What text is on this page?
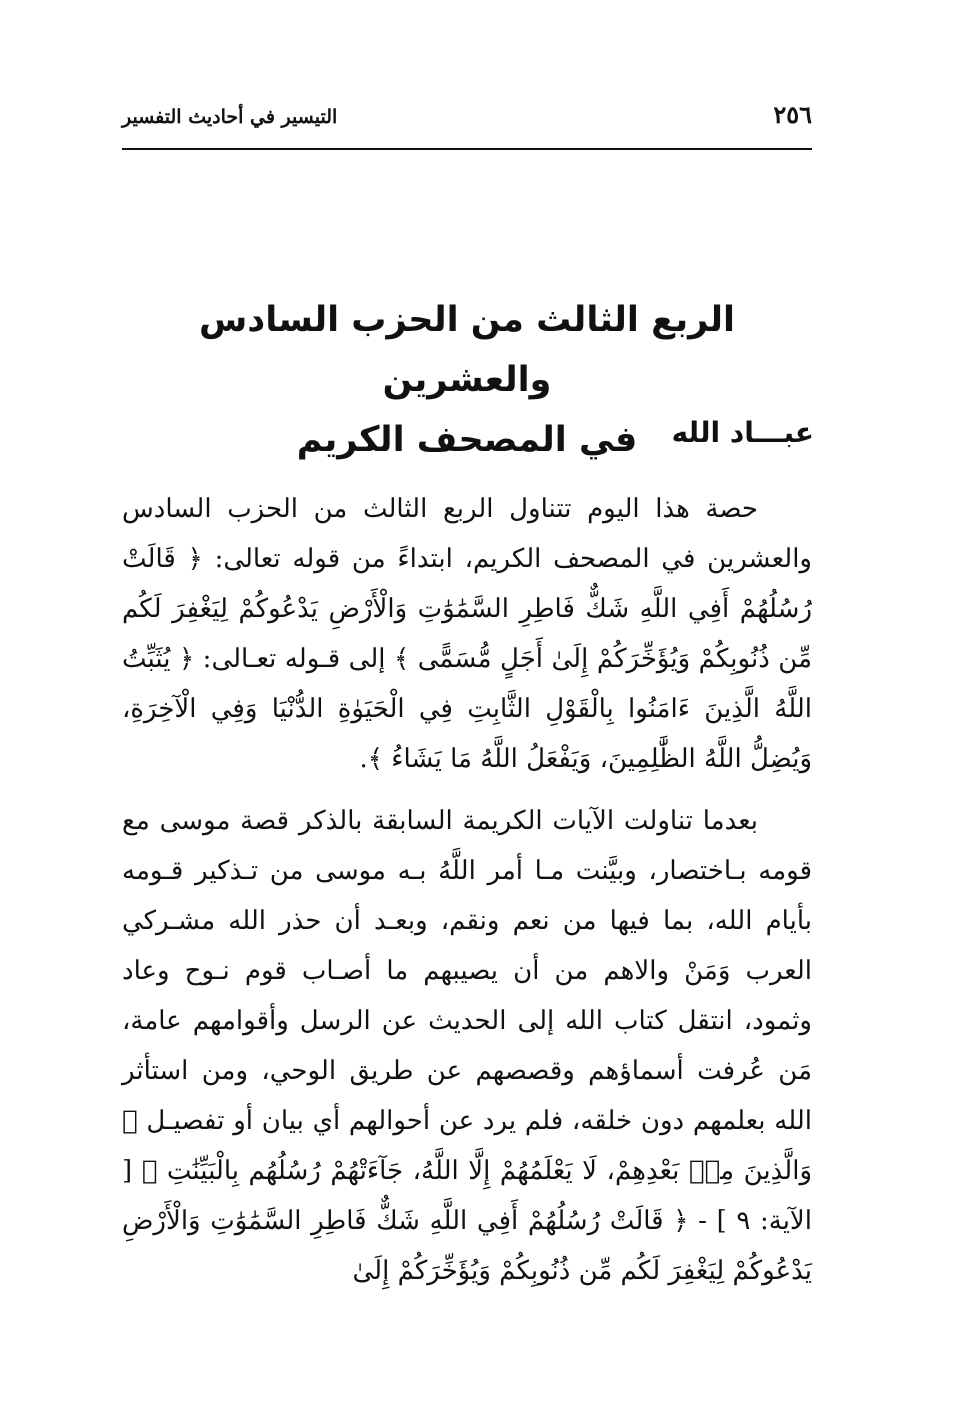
٢٥٦
التيسير في أحاديث التفسير
الربع الثالث من الحزب السادس والعشرين
في المصحف الكريم	عبـــاد الله
حصة هذا اليوم تتناول الربع الثالث من الحزب السادس والعشرين في المصحف الكريم، ابتداءً من قوله تعالى: ﴿ قَالَتْ رُسُلُهُمْ أَفِي اللَّهِ شَكٌّ فَاطِرِ السَّمَٰوَٰتِ وَالْأَرْضِ يَدْعُوكُمْ لِيَغْفِرَ لَكُم مِّن ذُنُوبِكُمْ وَيُؤَخِّرَكُمْ إِلَىٰ أَجَلٍ مُّسَمًّى ﴾ إلى قـوله تعـالى: ﴿ يُثَبِّتُ اللَّهُ الَّذِينَ ءَامَنُوا بِالْقَوْلِ الثَّابِتِ فِي الْحَيَوٰةِ الدُّنْيَا وَفِي الْآخِرَةِ، وَيُضِلُّ اللَّهُ الظَّٰلِمِينَ، وَيَفْعَلُ اللَّهُ مَا يَشَاءُ ﴾.
بعدما تناولت الآيات الكريمة السابقة بالذكر قصة موسى مع قومه بـاختصار، وبيَّنت مـا أمر اللَّهُ بـه موسى من تـذكير قـومه بأيام الله، بما فيها من نعم ونقم، وبعـد أن حذر الله مشـركي العرب وَمَنْ والاهم من أن يصيبهم ما أصـاب قوم نـوح وعاد وثمود، انتقل كتاب الله إلى الحديث عن الرسل وأقوامهم عامة، مَن عُرفت أسماؤهم وقصصهم عن طريق الوحي، ومن استأثر الله بعلمهم دون خلقه، فلم يرد عن أحوالهم أي بيان أو تفصيـل ﴿ وَالَّذِينَ مِنۢ بَعْدِهِمْ، لَا يَعْلَمُهُمْ إِلَّا اللَّهُ، جَآءَتْهُمْ رُسُلُهُم بِالْبَيِّنَٰتِ ﴾ [ الآية: ٩ ] - ﴿ قَالَتْ رُسُلُهُمْ أَفِي اللَّهِ شَكٌّ فَاطِرِ السَّمَٰوَٰتِ وَالْأَرْضِ يَدْعُوكُمْ لِيَغْفِرَ لَكُم مِّن ذُنُوبِكُمْ وَيُؤَخِّرَكُمْ إِلَىٰ
